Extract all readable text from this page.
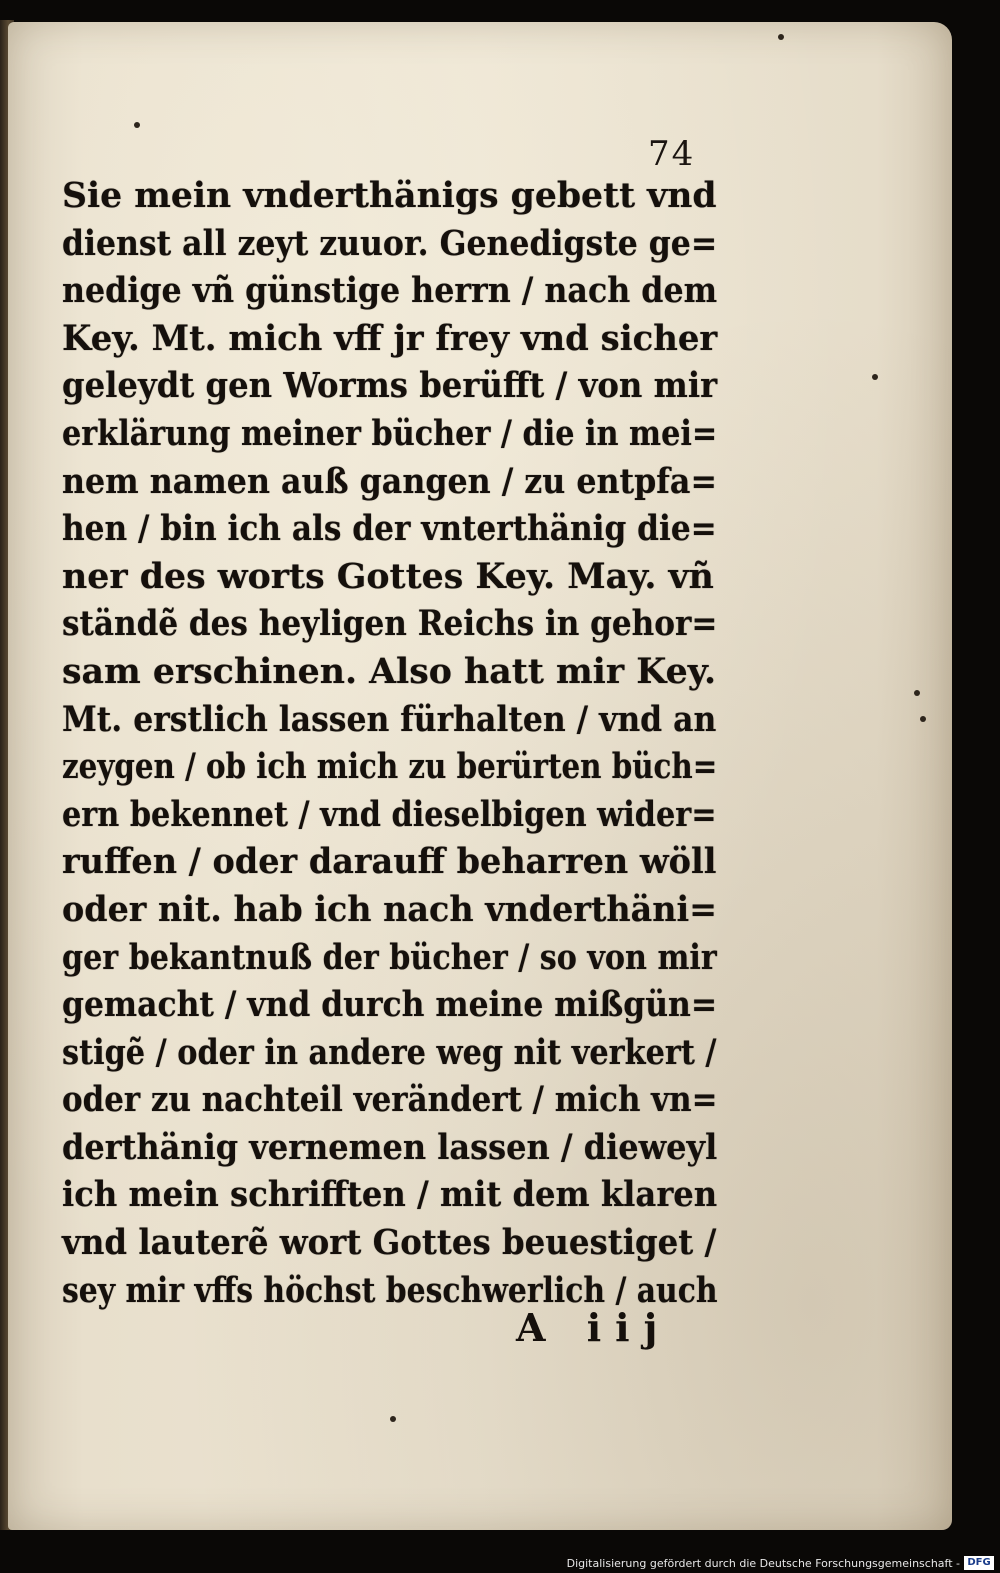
74
Sie mein vnderthänigs gebett vnd
dienst all zeyt zuuor. Genedigste ge=
nedige vñ günstige herrn / nach dem
Key. Mt. mich vff jr frey vnd sicher
geleydt gen Worms berüfft / von mir
erklärung meiner bücher / die in mei=
nem namen auß gangen / zu entpfa=
hen / bin ich als der vnterthänig die=
ner des worts Gottes Key. May. vñ
ständẽ des heyligen Reichs in gehor=
sam erschinen. Also hatt mir Key.
Mt. erstlich lassen fürhalten / vnd an
zeygen / ob ich mich zu berürten büch=
ern bekennet / vnd dieselbigen wider=
ruffen / oder darauff beharren wöll
oder nit. hab ich nach vnderthäni=
ger bekantnuß der bücher / so von mir
gemacht / vnd durch meine mißgün=
stigẽ / oder in andere weg nit verkert /
oder zu nachteil verändert / mich vn=
derthänig vernemen lassen / dieweyl
ich mein schrifften / mit dem klaren
vnd lauterẽ wort Gottes beuestiget /
sey mir vffs höchst beschwerlich / auch
A iij
Digitalisierung gefördert durch die Deutsche Forschungsgemeinschaft - DFG
